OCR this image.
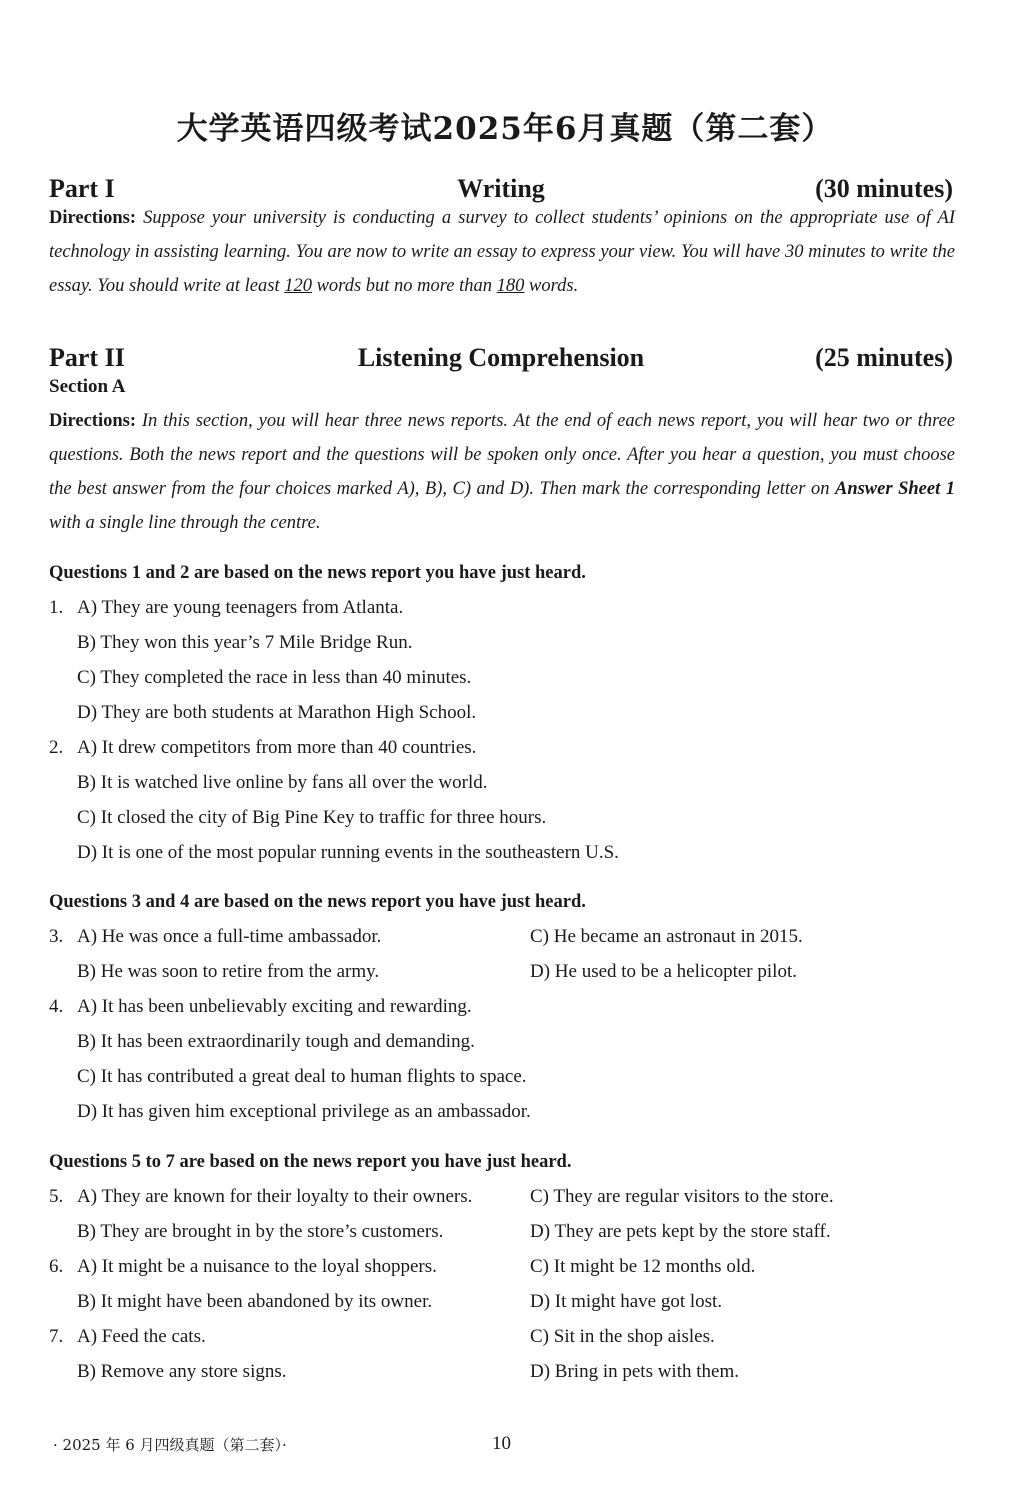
大学英语四级考试2025年6月真题（第二套）
Part I	Writing	(30 minutes)
Directions: Suppose your university is conducting a survey to collect students’ opinions on the appropriate use of AI technology in assisting learning. You are now to write an essay to express your view. You will have 30 minutes to write the essay. You should write at least 120 words but no more than 180 words.
Part II	Listening Comprehension	(25 minutes)
Section A
Directions: In this section, you will hear three news reports. At the end of each news report, you will hear two or three questions. Both the news report and the questions will be spoken only once. After you hear a question, you must choose the best answer from the four choices marked A), B), C) and D). Then mark the corresponding letter on Answer Sheet 1 with a single line through the centre.
Questions 1 and 2 are based on the news report you have just heard.
1. A) They are young teenagers from Atlanta.
B) They won this year’s 7 Mile Bridge Run.
C) They completed the race in less than 40 minutes.
D) They are both students at Marathon High School.
2. A) It drew competitors from more than 40 countries.
B) It is watched live online by fans all over the world.
C) It closed the city of Big Pine Key to traffic for three hours.
D) It is one of the most popular running events in the southeastern U.S.
Questions 3 and 4 are based on the news report you have just heard.
3. A) He was once a full-time ambassador.	C) He became an astronaut in 2015.
B) He was soon to retire from the army.	D) He used to be a helicopter pilot.
4. A) It has been unbelievably exciting and rewarding.
B) It has been extraordinarily tough and demanding.
C) It has contributed a great deal to human flights to space.
D) It has given him exceptional privilege as an ambassador.
Questions 5 to 7 are based on the news report you have just heard.
5. A) They are known for their loyalty to their owners.	C) They are regular visitors to the store.
B) They are brought in by the store’s customers.	D) They are pets kept by the store staff.
6. A) It might be a nuisance to the loyal shoppers.	C) It might be 12 months old.
B) It might have been abandoned by its owner.	D) It might have got lost.
7. A) Feed the cats.	C) Sit in the shop aisles.
B) Remove any store signs.	D) Bring in pets with them.
· 2025 年 6 月四级真题（第二套）·	10
